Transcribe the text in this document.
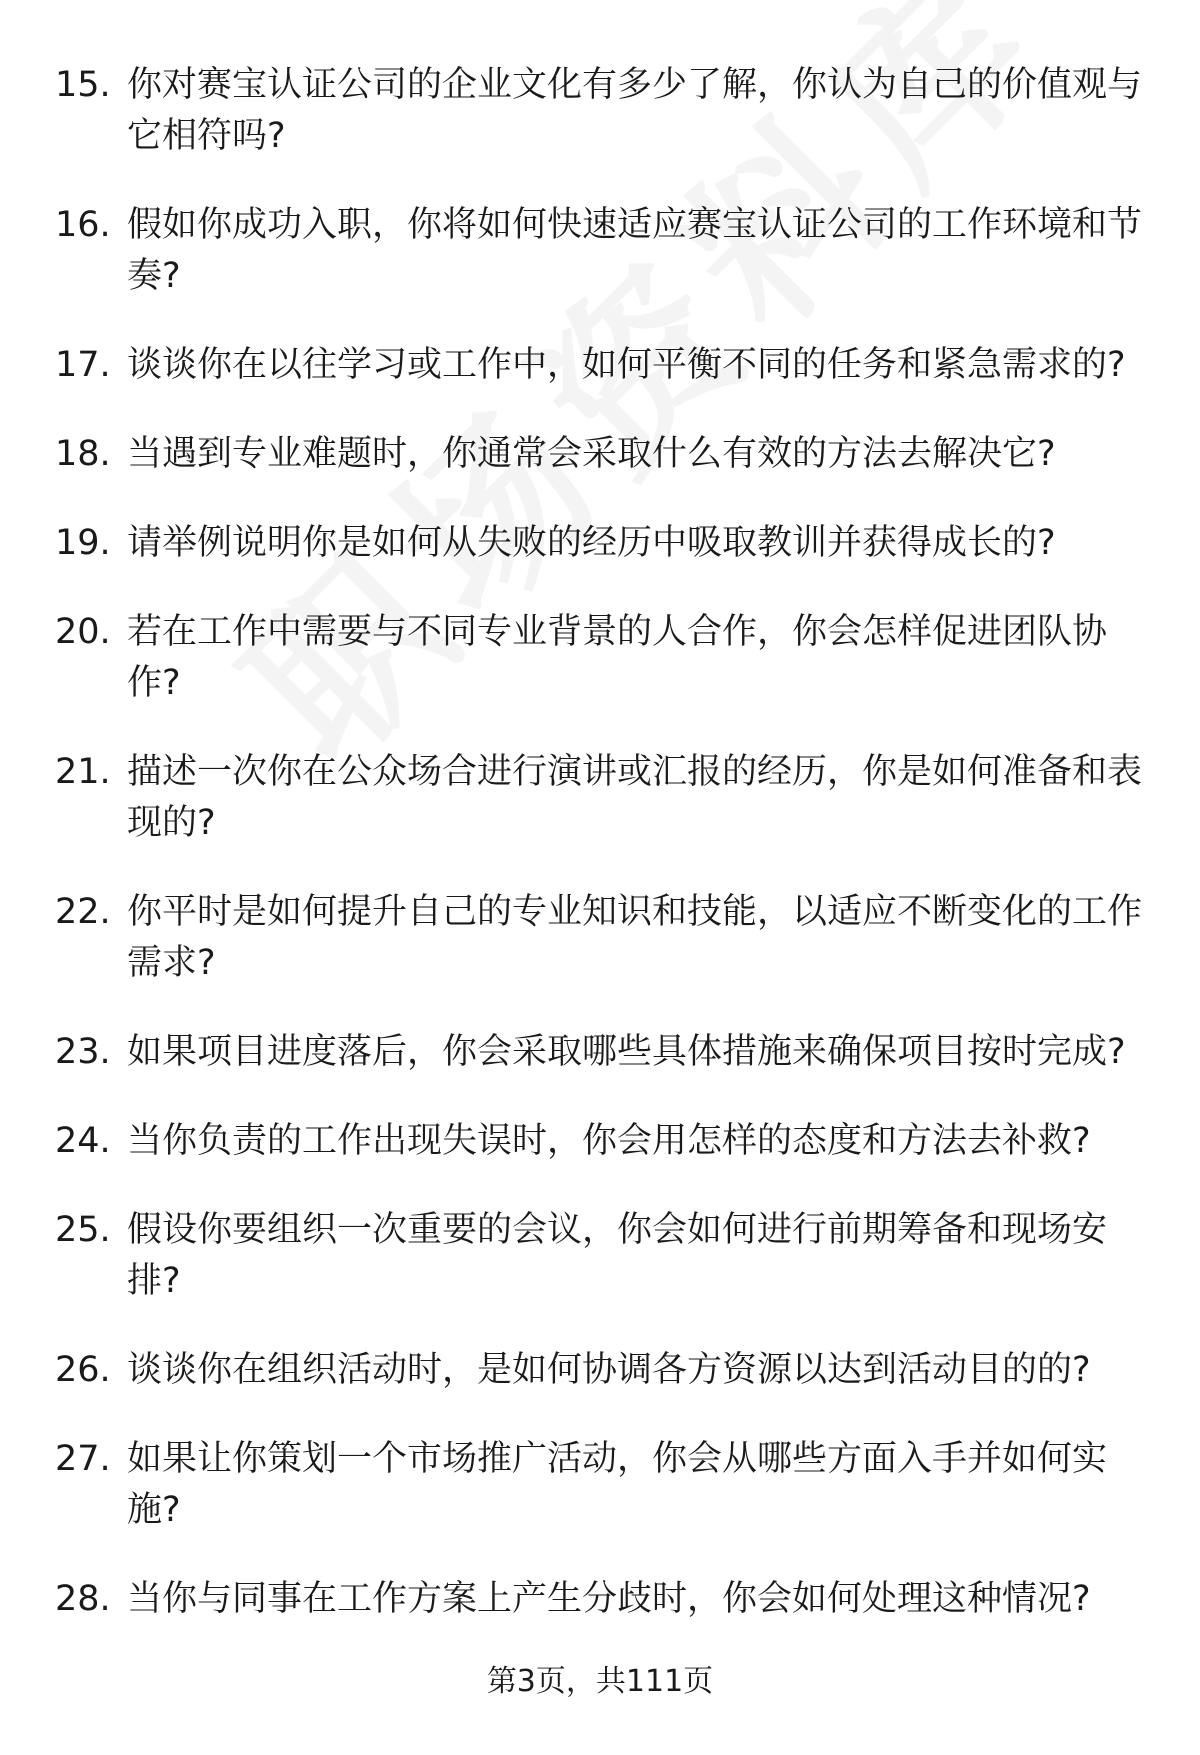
15. 你对赛宝认证公司的企业文化有多少了解，你认为自己的价值观与它相符吗?
16. 假如你成功入职，你将如何快速适应赛宝认证公司的工作环境和节奏?
17. 谈谈你在以往学习或工作中，如何平衡不同的任务和紧急需求的?
18. 当遇到专业难题时，你通常会采取什么有效的方法去解决它?
19. 请举例说明你是如何从失败的经历中吸取教训并获得成长的?
20. 若在工作中需要与不同专业背景的人合作，你会怎样促进团队协作?
21. 描述一次你在公众场合进行演讲或汇报的经历，你是如何准备和表现的?
22. 你平时是如何提升自己的专业知识和技能，以适应不断变化的工作需求?
23. 如果项目进度落后，你会采取哪些具体措施来确保项目按时完成?
24. 当你负责的工作出现失误时，你会用怎样的态度和方法去补救?
25. 假设你要组织一次重要的会议，你会如何进行前期筹备和现场安排?
26. 谈谈你在组织活动时，是如何协调各方资源以达到活动目的的?
27. 如果让你策划一个市场推广活动，你会从哪些方面入手并如何实施?
28. 当你与同事在工作方案上产生分歧时，你会如何处理这种情况?
第3页，共111页
